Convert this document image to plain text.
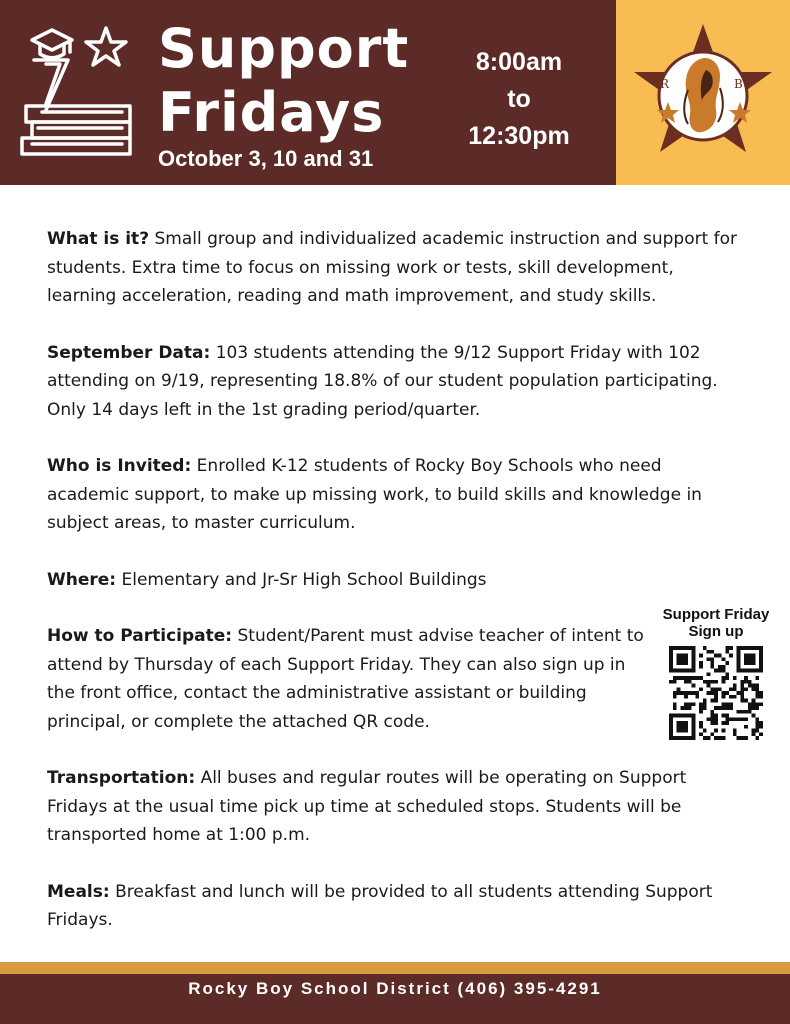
Support
Fridays
October 3, 10 and 31
8:00am
to
12:30pm
R	B

What is it? Small group and individualized academic instruction and support for students. Extra time to focus on missing work or tests, skill development, learning acceleration, reading and math improvement, and study skills.

September Data: 103 students attending the 9/12 Support Friday with 102 attending on 9/19, representing 18.8% of our student population participating. Only 14 days left in the 1st grading period/quarter.

Who is Invited: Enrolled K-12 students of Rocky Boy Schools who need academic support, to make up missing work, to build skills and knowledge in subject areas, to master curriculum.

Where: Elementary and Jr-Sr High School Buildings

How to Participate: Student/Parent must advise teacher of intent to attend by Thursday of each Support Friday. They can also sign up in the front office, contact the administrative assistant or building principal, or complete the attached QR code.

Transportation: All buses and regular routes will be operating on Support Fridays at the usual time pick up time at scheduled stops. Students will be transported home at 1:00 p.m.

Meals: Breakfast and lunch will be provided to all students attending Support Fridays.

Support Friday
Sign up
Rocky Boy School District (406) 395-4291
